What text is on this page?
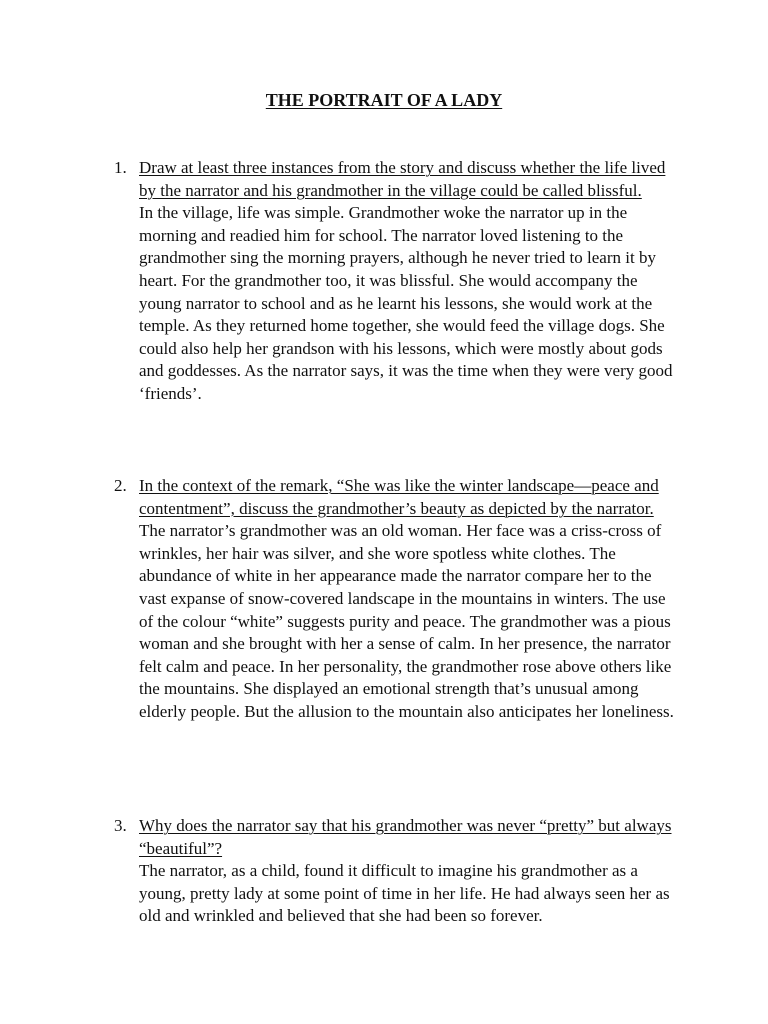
THE PORTRAIT OF A LADY
1. Draw at least three instances from the story and discuss whether the life lived by the narrator and his grandmother in the village could be called blissful.

In the village, life was simple. Grandmother woke the narrator up in the morning and readied him for school. The narrator loved listening to the grandmother sing the morning prayers, although he never tried to learn it by heart. For the grandmother too, it was blissful. She would accompany the young narrator to school and as he learnt his lessons, she would work at the temple. As they returned home together, she would feed the village dogs. She could also help her grandson with his lessons, which were mostly about gods and goddesses. As the narrator says, it was the time when they were very good ‘friends’.

2. In the context of the remark, “She was like the winter landscape—peace and contentment”, discuss the grandmother’s beauty as depicted by the narrator.

The narrator’s grandmother was an old woman. Her face was a criss-cross of wrinkles, her hair was silver, and she wore spotless white clothes. The abundance of white in her appearance made the narrator compare her to the vast expanse of snow-covered landscape in the mountains in winters. The use of the colour “white” suggests purity and peace. The grandmother was a pious woman and she brought with her a sense of calm. In her presence, the narrator felt calm and peace. In her personality, the grandmother rose above others like the mountains. She displayed an emotional strength that’s unusual among elderly people. But the allusion to the mountain also anticipates her loneliness.

3. Why does the narrator say that his grandmother was never “pretty” but always “beautiful”?

The narrator, as a child, found it difficult to imagine his grandmother as a young, pretty lady at some point of time in her life. He had always seen her as old and wrinkled and believed that she had been so forever.
